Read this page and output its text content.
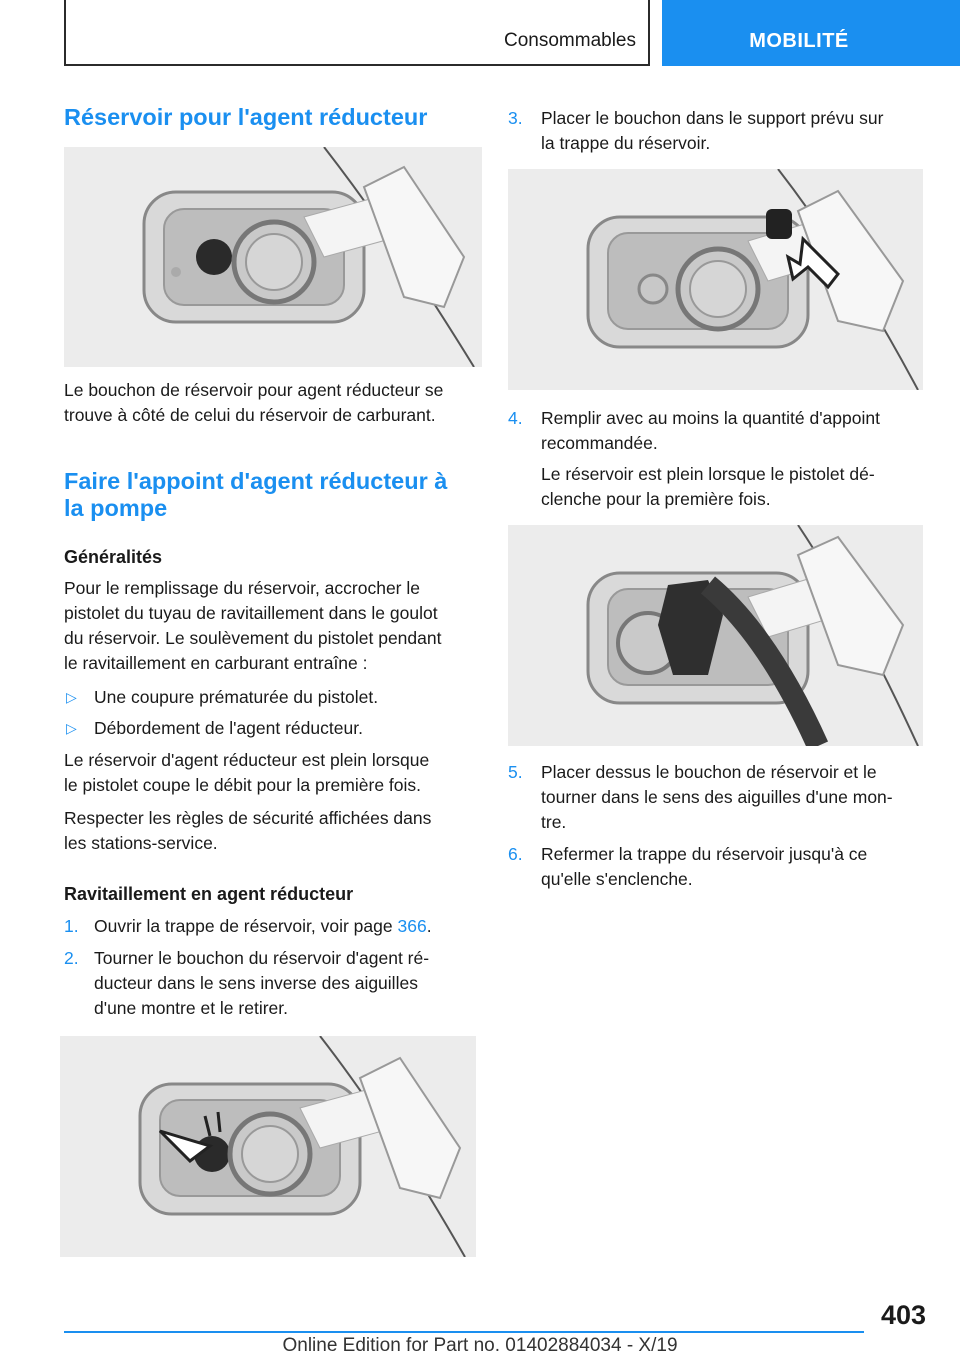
Consommables	MOBILITÉ
Réservoir pour l'agent réducteur
Le bouchon de réservoir pour agent réducteur se
trouve à côté de celui du réservoir de carburant.
Faire l'appoint d'agent réducteur à
la pompe
Généralités
Pour le remplissage du réservoir, accrocher le
pistolet du tuyau de ravitaillement dans le goulot
du réservoir. Le soulèvement du pistolet pendant
le ravitaillement en carburant entraîne :
▷ Une coupure prématurée du pistolet.
▷ Débordement de l'agent réducteur.
Le réservoir d'agent réducteur est plein lorsque
le pistolet coupe le débit pour la première fois.
Respecter les règles de sécurité affichées dans
les stations-service.
Ravitaillement en agent réducteur
1. Ouvrir la trappe de réservoir, voir page 366.
2. Tourner le bouchon du réservoir d'agent ré-
ducteur dans le sens inverse des aiguilles
d'une montre et le retirer.
3. Placer le bouchon dans le support prévu sur
la trappe du réservoir.
4. Remplir avec au moins la quantité d'appoint
recommandée.
Le réservoir est plein lorsque le pistolet dé-
clenche pour la première fois.
5. Placer dessus le bouchon de réservoir et le
tourner dans le sens des aiguilles d'une mon-
tre.
6. Refermer la trappe du réservoir jusqu'à ce
qu'elle s'enclenche.
403
Online Edition for Part no. 01402884034 - X/19
